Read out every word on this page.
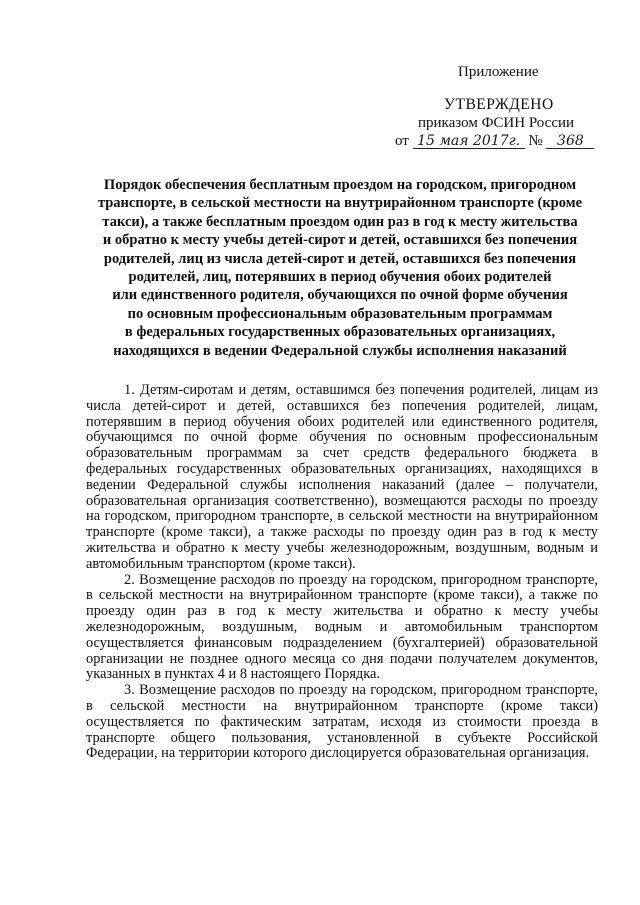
Приложение
УТВЕРЖДЕНО
приказом ФСИН России
от 15 мая 2017г. № 368
Порядок обеспечения бесплатным проездом на городском, пригородном
транспорте, в сельской местности на внутрирайонном транспорте (кроме
такси), а также бесплатным проездом один раз в год к месту жительства
и обратно к месту учебы детей-сирот и детей, оставшихся без попечения
родителей, лиц из числа детей-сирот и детей, оставшихся без попечения
родителей, лиц, потерявших в период обучения обоих родителей
или единственного родителя, обучающихся по очной форме обучения
по основным профессиональным образовательным программам
в федеральных государственных образовательных организациях,
находящихся в ведении Федеральной службы исполнения наказаний

1. Детям-сиротам и детям, оставшимся без попечения родителей, лицам из числа детей-сирот и детей, оставшихся без попечения родителей, лицам, потерявшим в период обучения обоих родителей или единственного родителя, обучающимся по очной форме обучения по основным профессиональным образовательным программам за счет средств федерального бюджета в федеральных государственных образовательных организациях, находящихся в ведении Федеральной службы исполнения наказаний (далее – получатели, образовательная организация соответственно), возмещаются расходы по проезду на городском, пригородном транспорте, в сельской местности на внутрирайонном транспорте (кроме такси), а также расходы по проезду один раз в год к месту жительства и обратно к месту учебы железнодорожным, воздушным, водным и автомобильным транспортом (кроме такси).

2. Возмещение расходов по проезду на городском, пригородном транспорте, в сельской местности на внутрирайонном транспорте (кроме такси), а также по проезду один раз в год к месту жительства и обратно к месту учебы железнодорожным, воздушным, водным и автомобильным транспортом осуществляется финансовым подразделением (бухгалтерией) образовательной организации не позднее одного месяца со дня подачи получателем документов, указанных в пунктах 4 и 8 настоящего Порядка.

3. Возмещение расходов по проезду на городском, пригородном транспорте, в сельской местности на внутрирайонном транспорте (кроме такси) осуществляется по фактическим затратам, исходя из стоимости проезда в транспорте общего пользования, установленной в субъекте Российской Федерации, на территории которого дислоцируется образовательная организация.
